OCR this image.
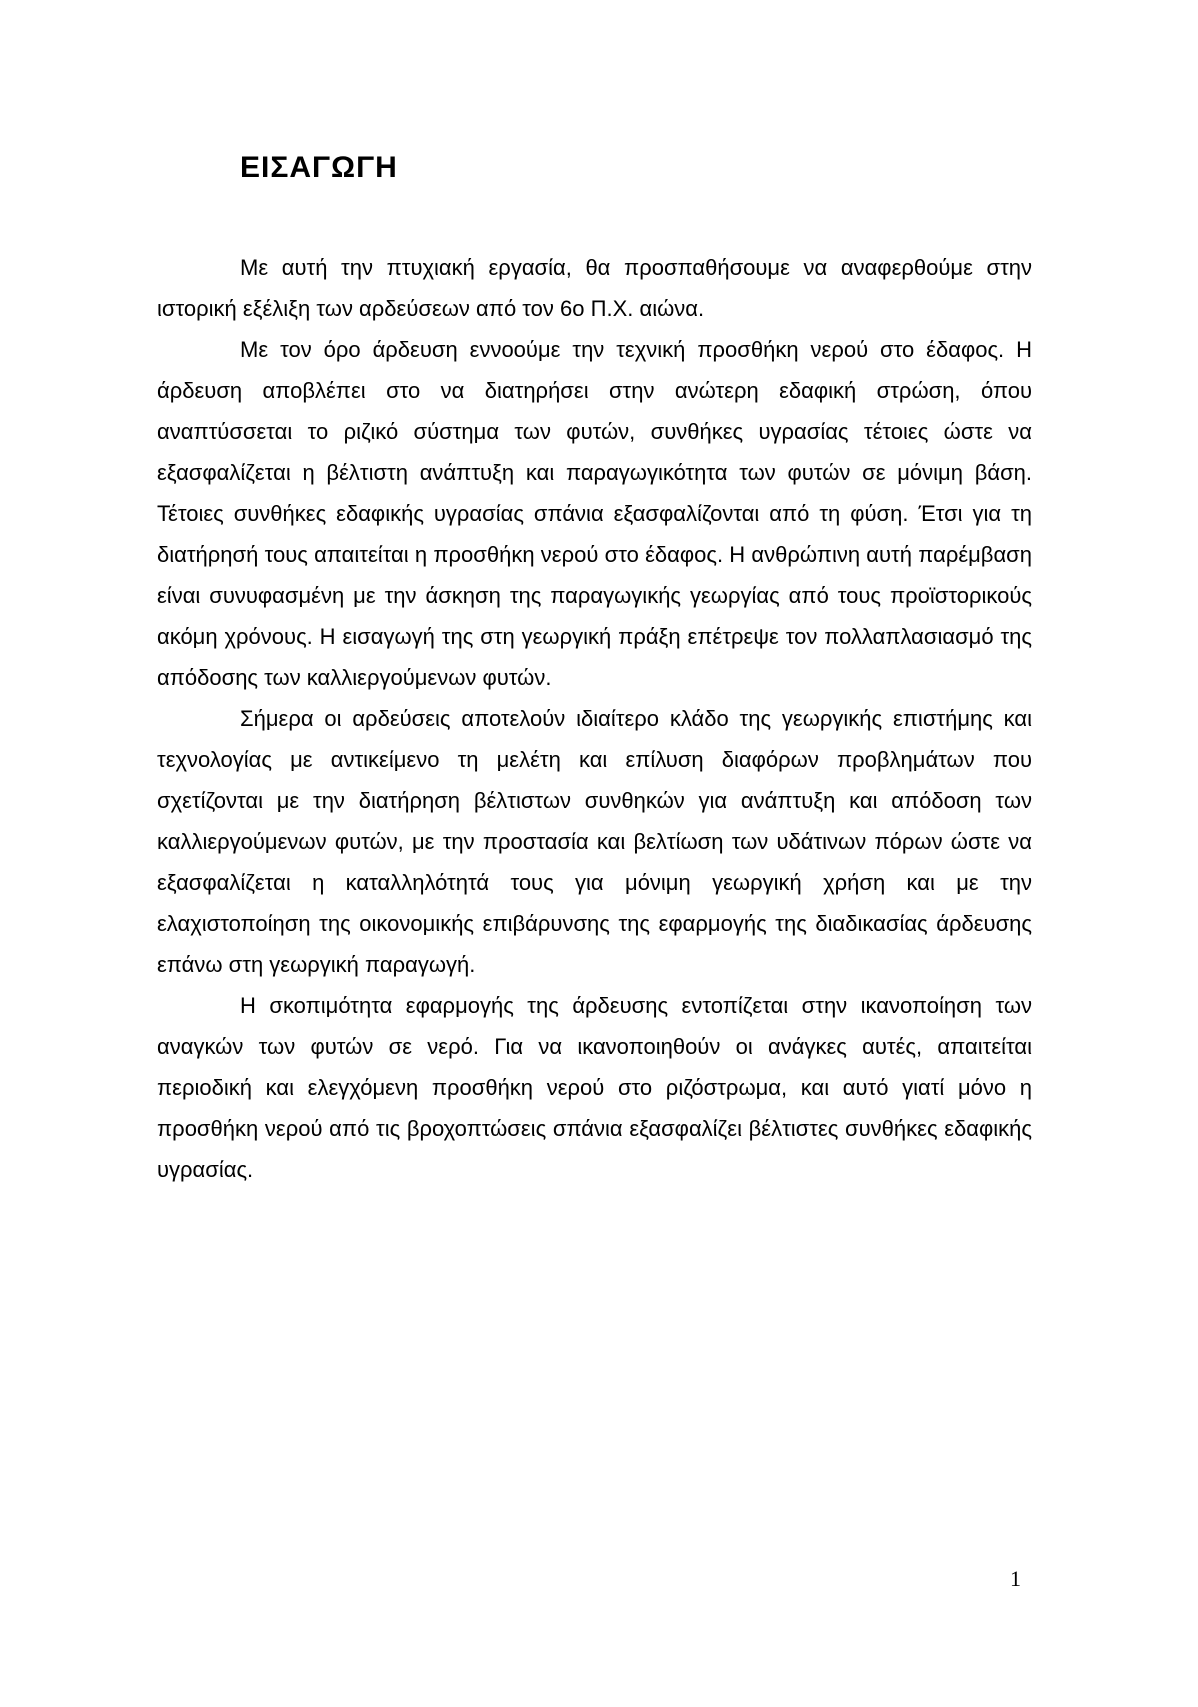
ΕΙΣΑΓΩΓΗ

Με αυτή την πτυχιακή εργασία, θα προσπαθήσουμε να αναφερθούμε στην ιστορική εξέλιξη των αρδεύσεων από τον 6ο Π.Χ. αιώνα.

Με τον όρο άρδευση εννοούμε την τεχνική προσθήκη νερού στο έδαφος. Η άρδευση αποβλέπει στο να διατηρήσει στην ανώτερη εδαφική στρώση, όπου αναπτύσσεται το ριζικό σύστημα των φυτών, συνθήκες υγρασίας τέτοιες ώστε να εξασφαλίζεται η βέλτιστη ανάπτυξη και παραγωγικότητα των φυτών σε μόνιμη βάση. Τέτοιες συνθήκες εδαφικής υγρασίας σπάνια εξασφαλίζονται από τη φύση. Έτσι για τη διατήρησή τους απαιτείται η προσθήκη νερού στο έδαφος. Η ανθρώπινη αυτή παρέμβαση είναι συνυφασμένη με την άσκηση της παραγωγικής γεωργίας από τους προϊστορικούς ακόμη χρόνους. Η εισαγωγή της στη γεωργική πράξη επέτρεψε τον πολλαπλασιασμό της απόδοσης των καλλιεργούμενων φυτών.

Σήμερα οι αρδεύσεις αποτελούν ιδιαίτερο κλάδο της γεωργικής επιστήμης και τεχνολογίας με αντικείμενο τη μελέτη και επίλυση διαφόρων προβλημάτων που σχετίζονται με την διατήρηση βέλτιστων συνθηκών για ανάπτυξη και απόδοση των καλλιεργούμενων φυτών, με την προστασία και βελτίωση των υδάτινων πόρων ώστε να εξασφαλίζεται η καταλληλότητά τους για μόνιμη γεωργική χρήση και με την ελαχιστοποίηση της οικονομικής επιβάρυνσης της εφαρμογής της διαδικασίας άρδευσης επάνω στη γεωργική παραγωγή.

Η σκοπιμότητα εφαρμογής της άρδευσης εντοπίζεται στην ικανοποίηση των αναγκών των φυτών σε νερό. Για να ικανοποιηθούν οι ανάγκες αυτές, απαιτείται περιοδική και ελεγχόμενη προσθήκη νερού στο ριζόστρωμα, και αυτό γιατί μόνο η προσθήκη νερού από τις βροχοπτώσεις σπάνια εξασφαλίζει βέλτιστες συνθήκες εδαφικής υγρασίας.

1
